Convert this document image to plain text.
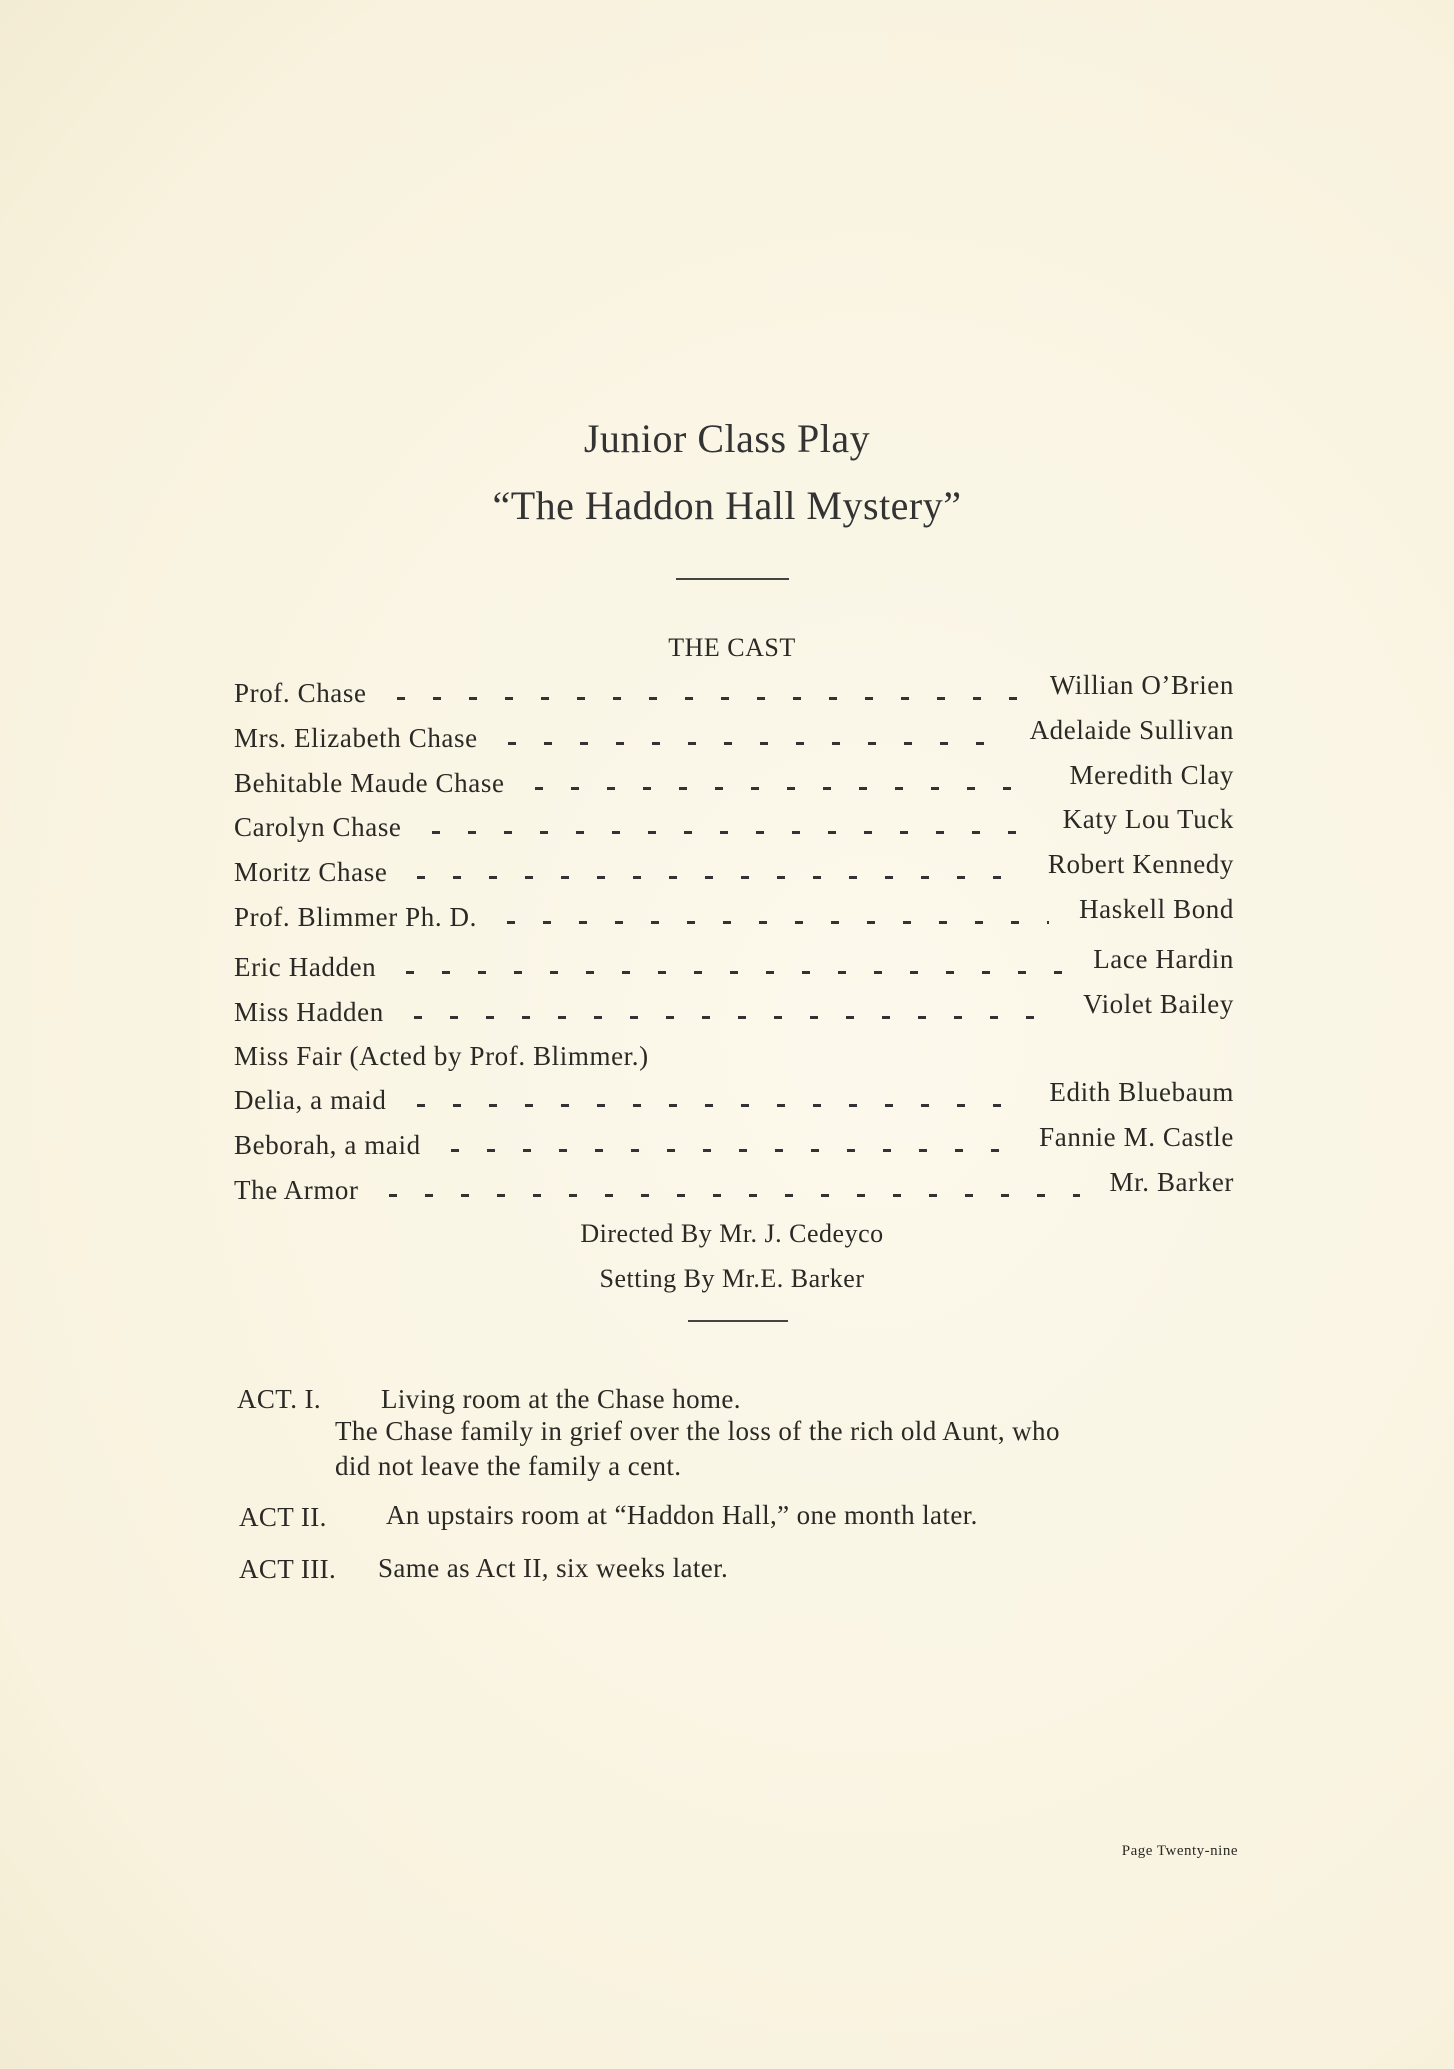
Junior Class Play
“The Haddon Hall Mystery”
THE CAST
Prof. Chase	Willian O’Brien
Mrs. Elizabeth Chase	Adelaide Sullivan
Behitable Maude Chase	Meredith Clay
Carolyn Chase	Katy Lou Tuck
Moritz Chase	Robert Kennedy
Prof. Blimmer Ph. D.	Haskell Bond
Eric Hadden	Lace Hardin
Miss Hadden	Violet Bailey
Miss Fair (Acted by Prof. Blimmer.)
Delia, a maid	Edith Bluebaum
Beborah, a maid	Fannie M. Castle
The Armor	Mr. Barker
Directed By Mr. J. Cedeyco
Setting By Mr.E. Barker
ACT. I. Living room at the Chase home.
The Chase family in grief over the loss of the rich old Aunt, who
did not leave the family a cent.
ACT II. An upstairs room at “Haddon Hall,” one month later.
ACT III. Same as Act II, six weeks later.
Page Twenty-nine
